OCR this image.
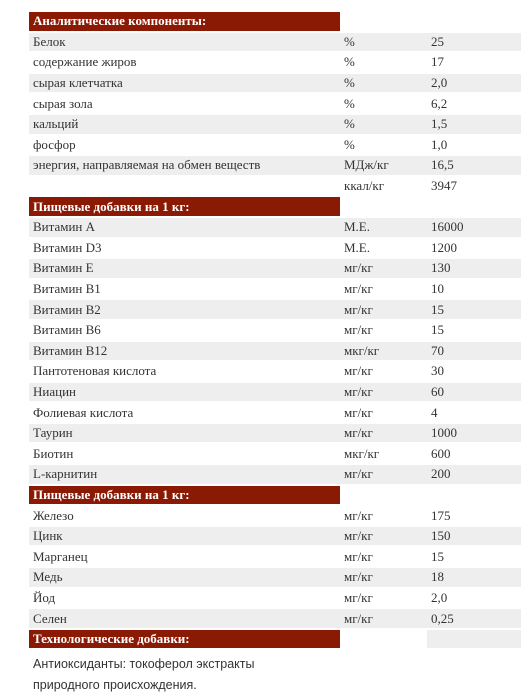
Аналитические компоненты:		
Белок	%	25
содержание жиров	%	17
сырая клетчатка	%	2,0
сырая зола	%	6,2
кальций	%	1,5
фосфор	%	1,0
энергия, направляемая на обмен веществ	МДж/кг	16,5
	ккал/кг	3947
Пищевые добавки на 1 кг:		
Витамин А	М.Е.	16000
Витамин D3	М.Е.	1200
Витамин Е	мг/кг	130
Витамин В1	мг/кг	10
Витамин В2	мг/кг	15
Витамин В6	мг/кг	15
Витамин В12	мкг/кг	70
Пантотеновая кислота	мг/кг	30
Ниацин	мг/кг	60
Фолиевая кислота	мг/кг	4
Таурин	мг/кг	1000
Биотин	мкг/кг	600
L-карнитин	мг/кг	200
Пищевые добавки на 1 кг:		
Железо	мг/кг	175
Цинк	мг/кг	150
Марганец	мг/кг	15
Медь	мг/кг	18
Йод	мг/кг	2,0
Селен	мг/кг	0,25
Технологические добавки:		
Антиоксиданты: токоферол экстракты природного происхождения.
